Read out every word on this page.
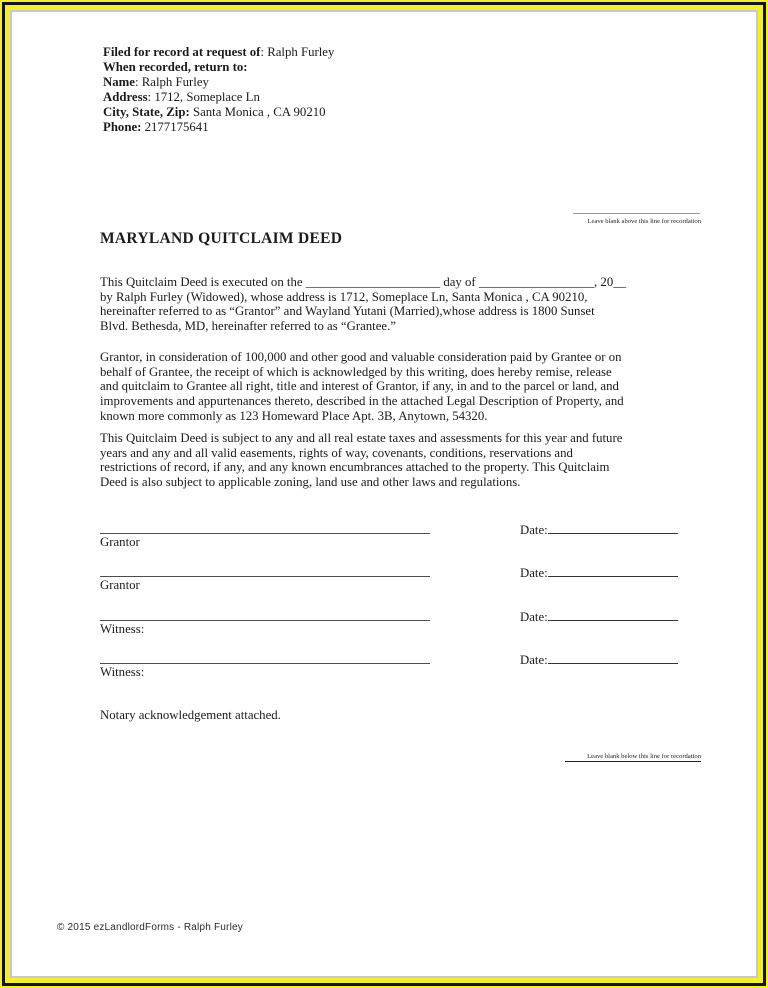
Filed for record at request of: Ralph Furley
When recorded, return to:
Name: Ralph Furley
Address: 1712, Someplace Ln
City, State, Zip: Santa Monica , CA 90210
Phone: 2177175641
Leave blank above this line for recordation
MARYLAND QUITCLAIM DEED
This Quitclaim Deed is executed on the _____________________ day of __________________, 20__
by Ralph Furley (Widowed), whose address is 1712, Someplace Ln, Santa Monica , CA 90210,
hereinafter referred to as “Grantor” and Wayland Yutani (Married),whose address is 1800 Sunset
Blvd. Bethesda, MD, hereinafter referred to as “Grantee.”
Grantor, in consideration of 100,000 and other good and valuable consideration paid by Grantee or on
behalf of Grantee, the receipt of which is acknowledged by this writing, does hereby remise, release
and quitclaim to Grantee all right, title and interest of Grantor, if any, in and to the parcel or land, and
improvements and appurtenances thereto, described in the attached Legal Description of Property, and
known more commonly as 123 Homeward Place Apt. 3B, Anytown, 54320.
This Quitclaim Deed is subject to any and all real estate taxes and assessments for this year and future
years and any and all valid easements, rights of way, covenants, conditions, reservations and
restrictions of record, if any, and any known encumbrances attached to the property. This Quitclaim
Deed is also subject to applicable zoning, land use and other laws and regulations.
Grantor
Date:
Grantor
Date:
Witness:
Date:
Witness:
Date:
Notary acknowledgement attached.
Leave blank below this line for recordation
© 2015 ezLandlordForms - Ralph Furley
